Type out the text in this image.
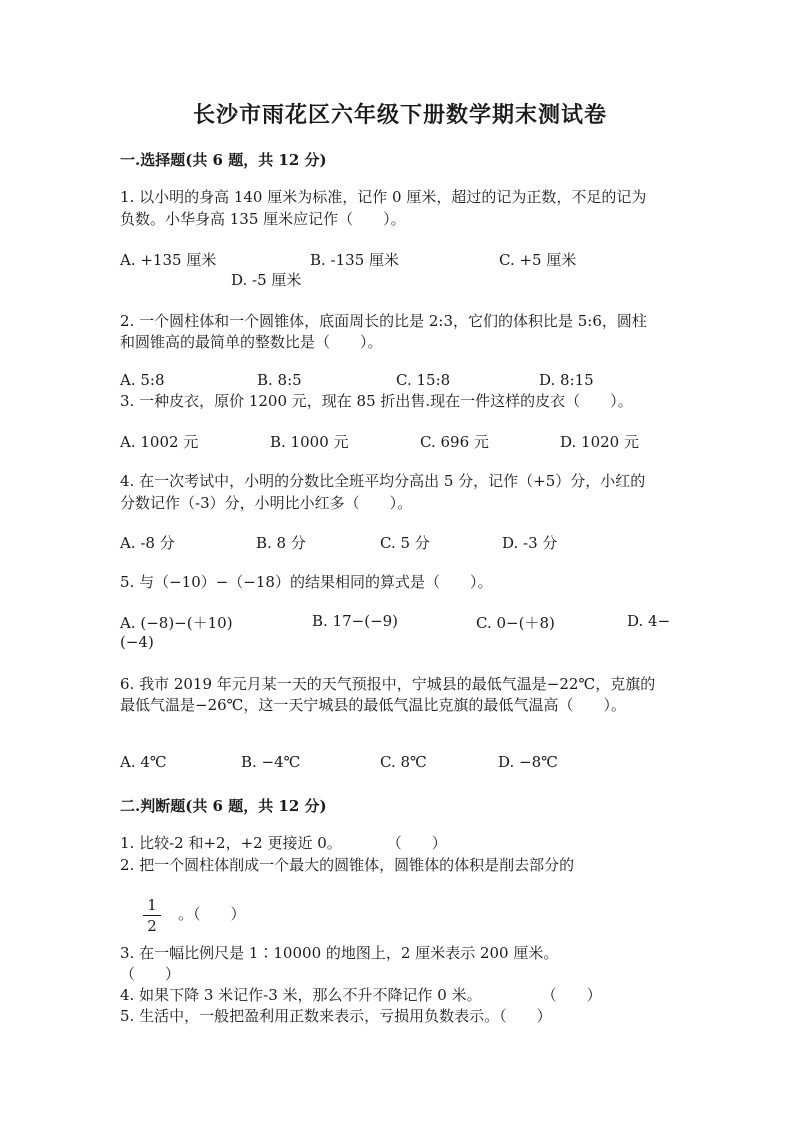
长沙市雨花区六年级下册数学期末测试卷
一.选择题(共 6 题，共 12 分)
1. 以小明的身高 140 厘米为标准，记作 0 厘米，超过的记为正数，不足的记为
负数。小华身高 135 厘米应记作（　　）。
A. +135 厘米	B. -135 厘米	C. +5 厘米
D. -5 厘米
2. 一个圆柱体和一个圆锥体，底面周长的比是 2:3，它们的体积比是 5:6，圆柱
和圆锥高的最简单的整数比是（　　）。
A. 5:8	B. 8:5	C. 15:8	D. 8:15
3. 一种皮衣，原价 1200 元，现在 85 折出售.现在一件这样的皮衣（　　）。
A. 1002 元	B. 1000 元	C. 696 元	D. 1020 元
4. 在一次考试中，小明的分数比全班平均分高出 5 分，记作（+5）分，小红的
分数记作（-3）分，小明比小红多（　　）。
A. -8 分	B. 8 分	C. 5 分	D. -3 分
5. 与（−10）−（−18）的结果相同的算式是（　　）。
A. (−8)−(＋10)	B. 17−(−9)	C. 0−(＋8)	D. 4−
(−4)
6. 我市 2019 年元月某一天的天气预报中，宁城县的最低气温是−22℃，克旗的
最低气温是−26℃，这一天宁城县的最低气温比克旗的最低气温高（　　）。
A. 4℃	B. −4℃	C. 8℃	D. −8℃
二.判断题(共 6 题，共 12 分)
1. 比较-2 和+2，+2 更接近 0。　　　　（　　）
2. 把一个圆柱体削成一个最大的圆锥体，圆锥体的体积是削去部分的
1
2
。（　　）
3. 在一幅比例尺是 1∶10000 的地图上，2 厘米表示 200 厘米。
（　　）
4. 如果下降 3 米记作-3 米，那么不升不降记作 0 米。　　　　　（　　）
5. 生活中，一般把盈利用正数来表示，亏损用负数表示。（　　）
